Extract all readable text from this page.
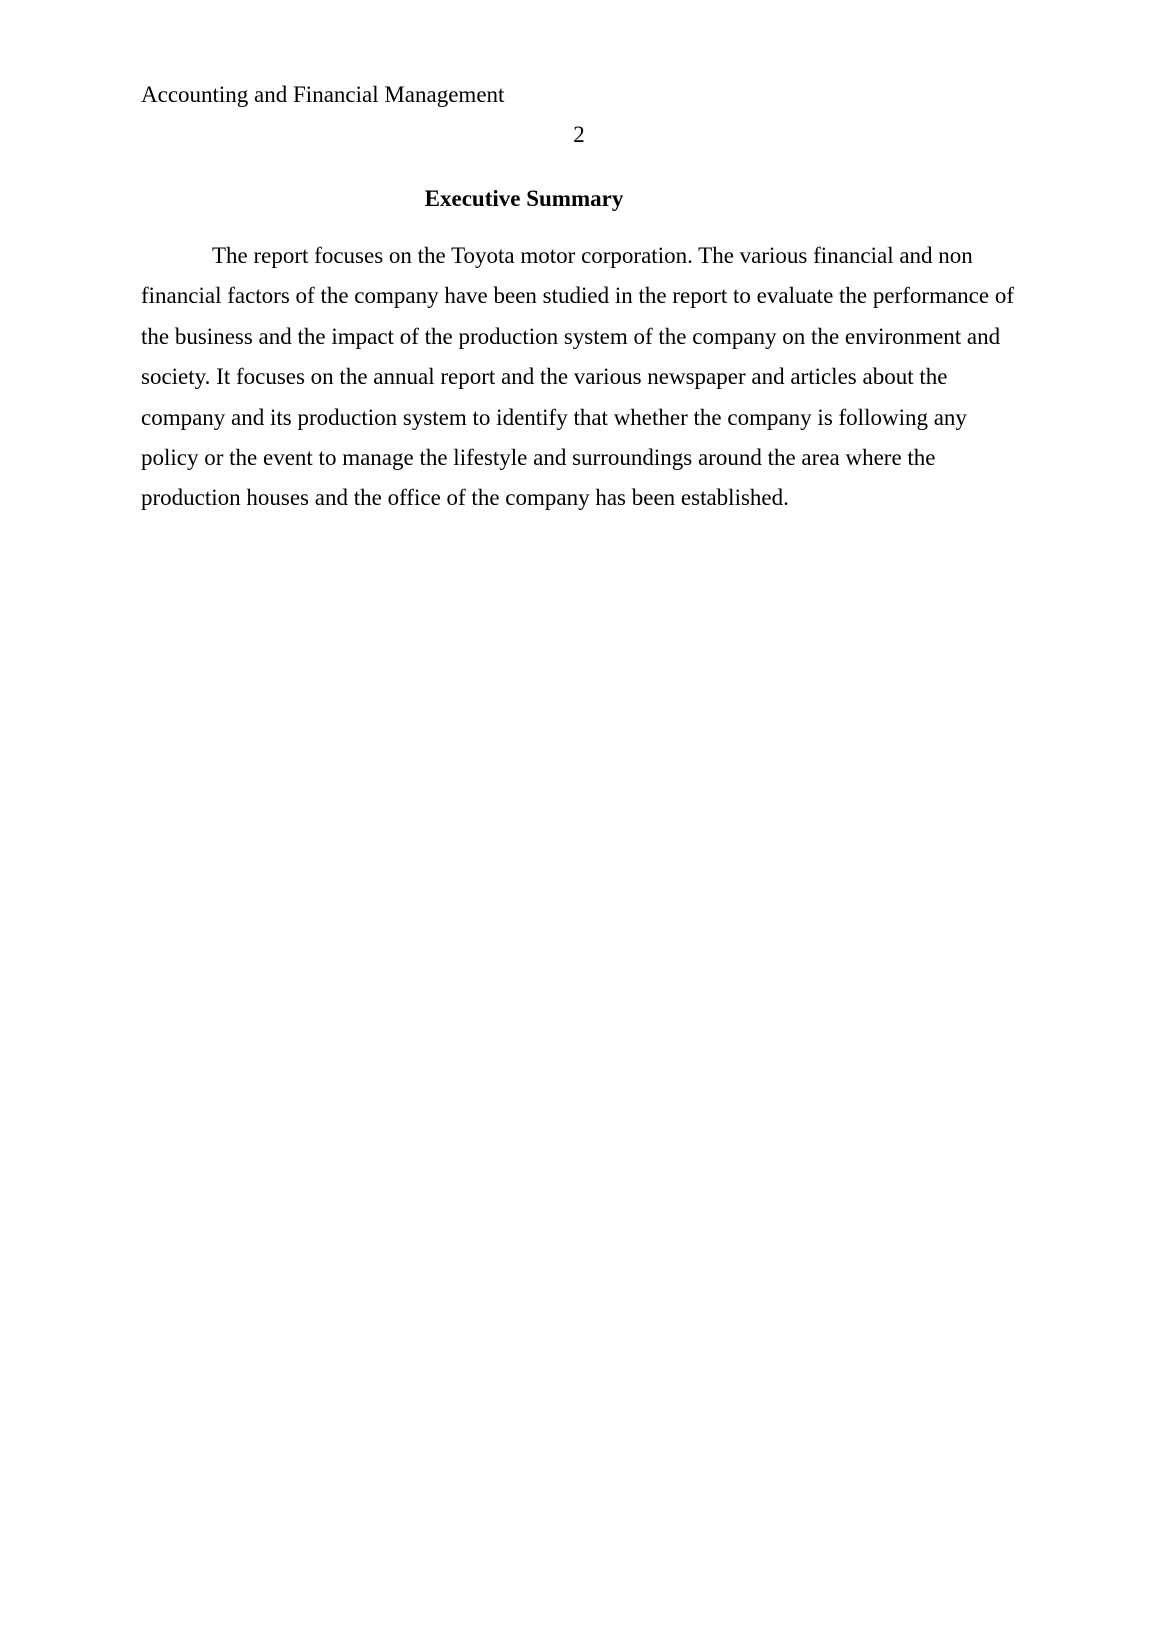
Accounting and Financial Management
2
Executive Summary

The report focuses on the Toyota motor corporation. The various financial and non financial factors of the company have been studied in the report to evaluate the performance of the business and the impact of the production system of the company on the environment and society. It focuses on the annual report and the various newspaper and articles about the company and its production system to identify that whether the company is following any policy or the event to manage the lifestyle and surroundings around the area where the production houses and the office of the company has been established.
